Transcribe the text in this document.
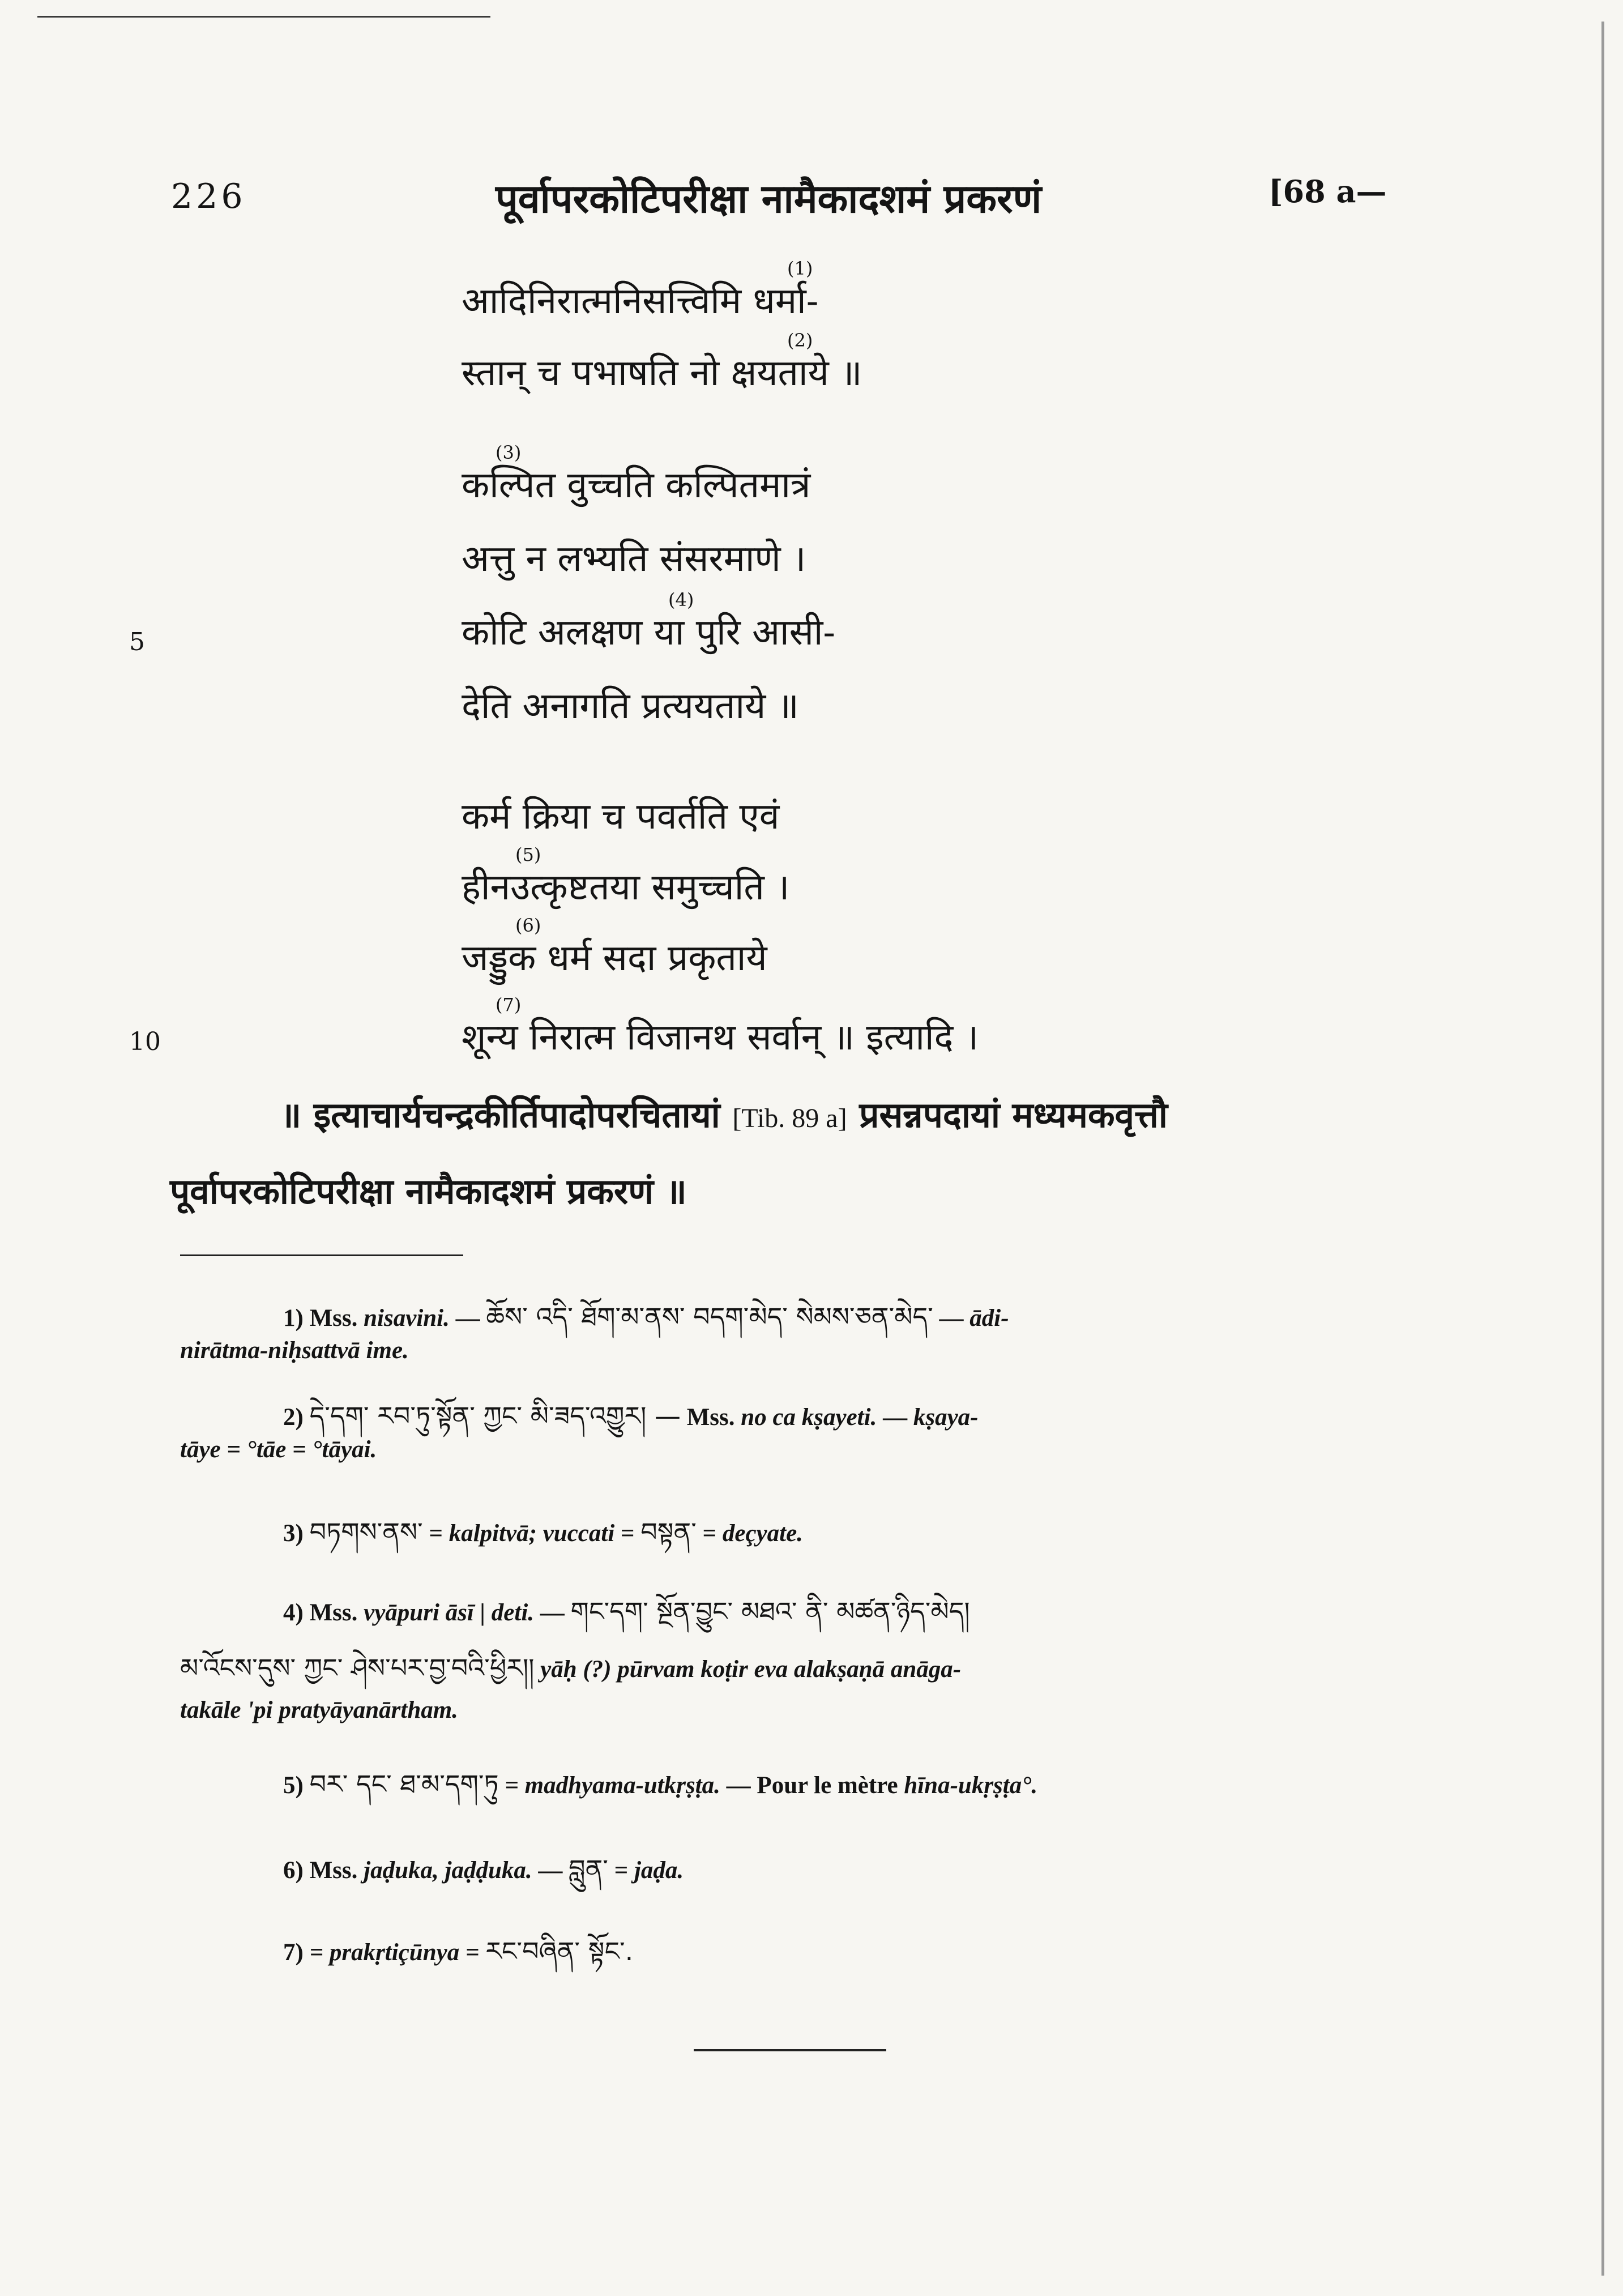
226	पूर्वापरकोटिपरीक्षा नामैकादशमं प्रकरणं	[68 a—
(1)
आदिनिरात्मनिसत्त्विमि धर्मा-
(2)
स्तान् च पभाषति नो क्षयताये ॥
(3)
कल्पित वुच्चति कल्पितमात्रं
अत्तु न लभ्यति संसरमाणे ।
(4)
कोटि अलक्षण या पुरि आसी-
देति अनागति प्रत्ययताये ॥
कर्म क्रिया च पवर्तति एवं
(5)
हीनउत्कृष्टतया समुच्चति ।
(6)
जड्डुक धर्म सदा प्रकृताये
(7)
शून्य निरात्म विजानथ सर्वान् ॥ इत्यादि ।
5
10
॥ इत्याचार्यचन्द्रकीर्तिपादोपरचितायां [Tib. 89 a] प्रसन्नपदायां मध्यमकवृत्तौ
पूर्वापरकोटिपरीक्षा नामैकादशमं प्रकरणं ॥
1) Mss. nisavini. — ཆོས་ འདི་ ཐོག་མ་ནས་ བདག་མེད་ སེམས་ཅན་མེད་ — ādi-
nirātma-niḥsattvā ime.
2) དེ་དག་ རབ་ཏུ་སྟོན་ ཀྱང་ མི་ཟད་འགྱུར། — Mss. no ca kṣayeti. — kṣaya-
tāye = °tāe = °tāyai.
3) བཏགས་ནས་ = kalpitvā; vuccati = བསྟན་ = deçyate.
4) Mss. vyāpuri āsī | deti. — གང་དག་ སྔོན་བྱུང་ མཐའ་ ནི་ མཚན་ཉིད་མེད།
མ་འོངས་དུས་ ཀྱང་ ཤེས་པར་བྱ་བའི་ཕྱིར།། yāḥ (?) pūrvam koṭir eva alakṣaṇā anāga-
takāle 'pi pratyāyanārtham.
5) བར་ དང་ ཐ་མ་དག་ཏུ = madhyama-utkṛṣṭa. — Pour le mètre hīna-ukṛṣṭa°.
6) Mss. jaḍuka, jaḍḍuka. — བླུན་ = jaḍa.
7) = prakṛtiçūnya = རང་བཞིན་ སྟོང་.
